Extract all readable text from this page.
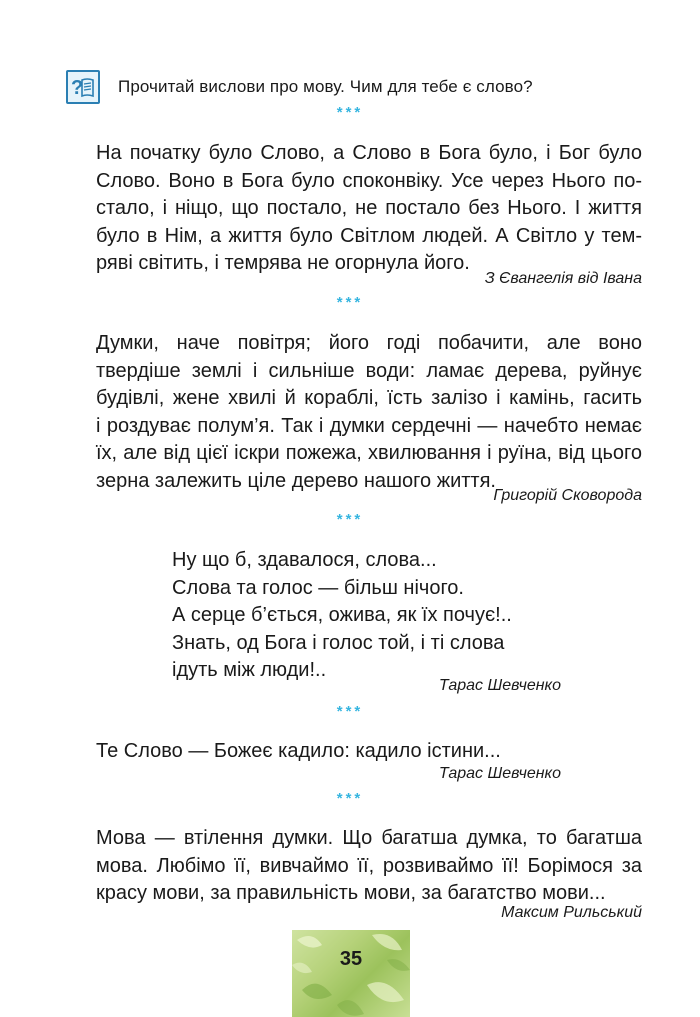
? Прочитай вислови про мову. Чим для тебе є слово?
***
На початку було Слово, а Слово в Бога було, і Бог було
Слово. Воно в Бога було споконвіку. Усе через Нього по-
стало, і ніщо, що постало, не постало без Нього. І життя
було в Нім, а життя було Світлом людей. А Світло у тем-
ряві світить, і темрява не огорнула його.
З Євангелія від Івана
***
Думки, наче повітря; його годі побачити, але воно
твердіше землі і сильніше води: ламає дерева, руйнує
будівлі, жене хвилі й кораблі, їсть залізо і камінь, гасить
і роздуває полум’я. Так і думки сердечні — начебто немає
їх, але від цієї іскри пожежа, хвилювання і руїна, від цього
зерна залежить ціле дерево нашого життя.
Григорій Сковорода
***
Ну що б, здавалося, слова...
Слова та голос — більш нічого.
А серце б’ється, ожива, як їх почує!..
Знать, од Бога і голос той, і ті слова
ідуть між люди!..
Тарас Шевченко
***
Те Слово — Божеє кадило: кадило істини...
Тарас Шевченко
***
Мова — втілення думки. Що багатша думка, то багатша
мова. Любімо її, вивчаймо її, розвиваймо її! Борімося за
красу мови, за правильність мови, за багатство мови...
Максим Рильський
35
